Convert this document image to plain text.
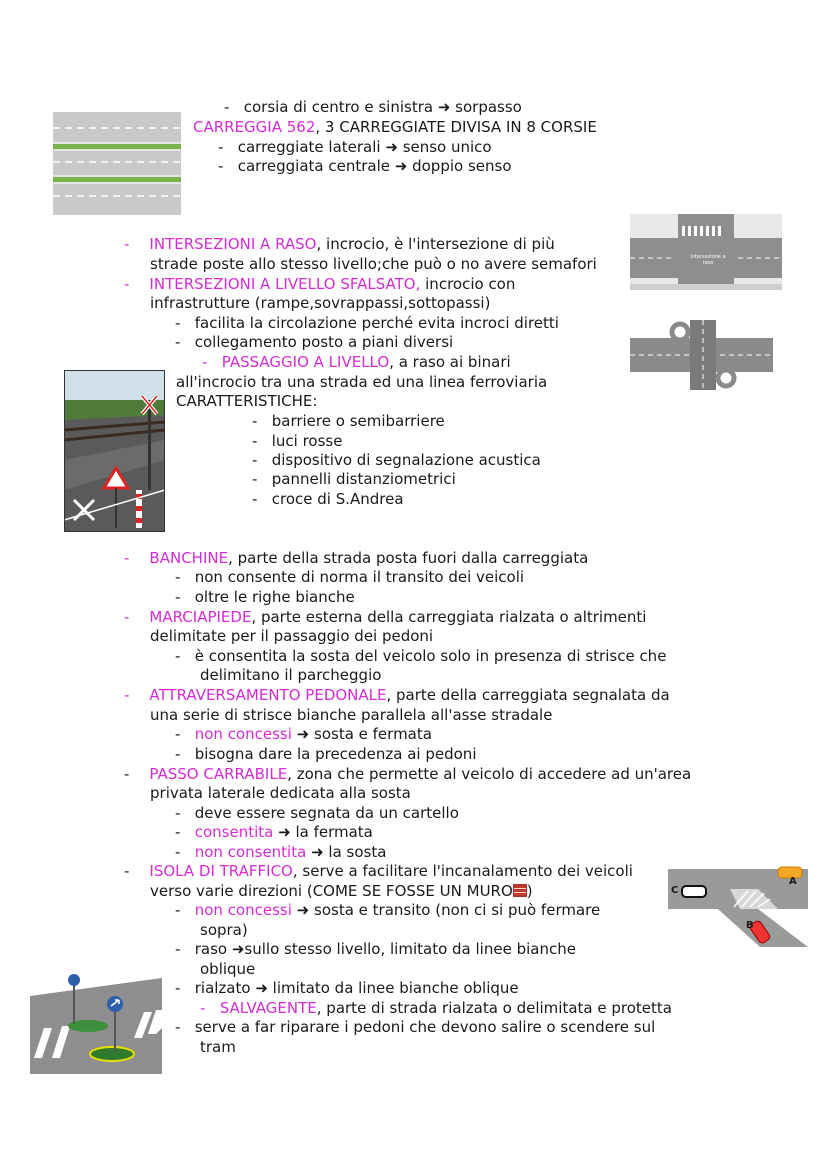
- corsia di centro e sinistra ➜ sorpasso
CARREGGIA 562, 3 CARREGGIATE DIVISA IN 8 CORSIE
- carreggiate laterali ➜ senso unico
- carreggiata centrale ➜ doppio senso
intersezione a raso
- INTERSEZIONI A RASO, incrocio, è l'intersezione di più
strade poste allo stesso livello;che può o no avere semafori
- INTERSEZIONI A LIVELLO SFALSATO, incrocio con
infrastrutture (rampe,sovrappassi,sottopassi)
- facilita la circolazione perché evita incroci diretti
- collegamento posto a piani diversi
- PASSAGGIO A LIVELLO, a raso ai binari
all'incrocio tra una strada ed una linea ferroviaria
CARATTERISTICHE:
- barriere o semibarriere
- luci rosse
- dispositivo di segnalazione acustica
- pannelli distanziometrici
- croce di S.Andrea
- BANCHINE, parte della strada posta fuori dalla carreggiata
- non consente di norma il transito dei veicoli
- oltre le righe bianche
- MARCIAPIEDE, parte esterna della carreggiata rialzata o altrimenti
delimitate per il passaggio dei pedoni
- è consentita la sosta del veicolo solo in presenza di strisce che
delimitano il parcheggio
- ATTRAVERSAMENTO PEDONALE, parte della carreggiata segnalata da
una serie di strisce bianche parallela all'asse stradale
- non concessi ➜ sosta e fermata
- bisogna dare la precedenza ai pedoni
- PASSO CARRABILE, zona che permette al veicolo di accedere ad un'area
privata laterale dedicata alla sosta
- deve essere segnata da un cartello
- consentita ➜ la fermata
- non consentita ➜ la sosta
- ISOLA DI TRAFFICO, serve a facilitare l'incanalamento dei veicoli
verso varie direzioni (COME SE FOSSE UN MURO )
- non concessi ➜ sosta e transito (non ci si può fermare
sopra)
- raso ➜sullo stesso livello, limitato da linee bianche
oblique
- rialzato ➜ limitato da linee bianche oblique
- SALVAGENTE, parte di strada rialzata o delimitata e protetta
- serve a far riparare i pedoni che devono salire o scendere sul
tram
A
B
C
